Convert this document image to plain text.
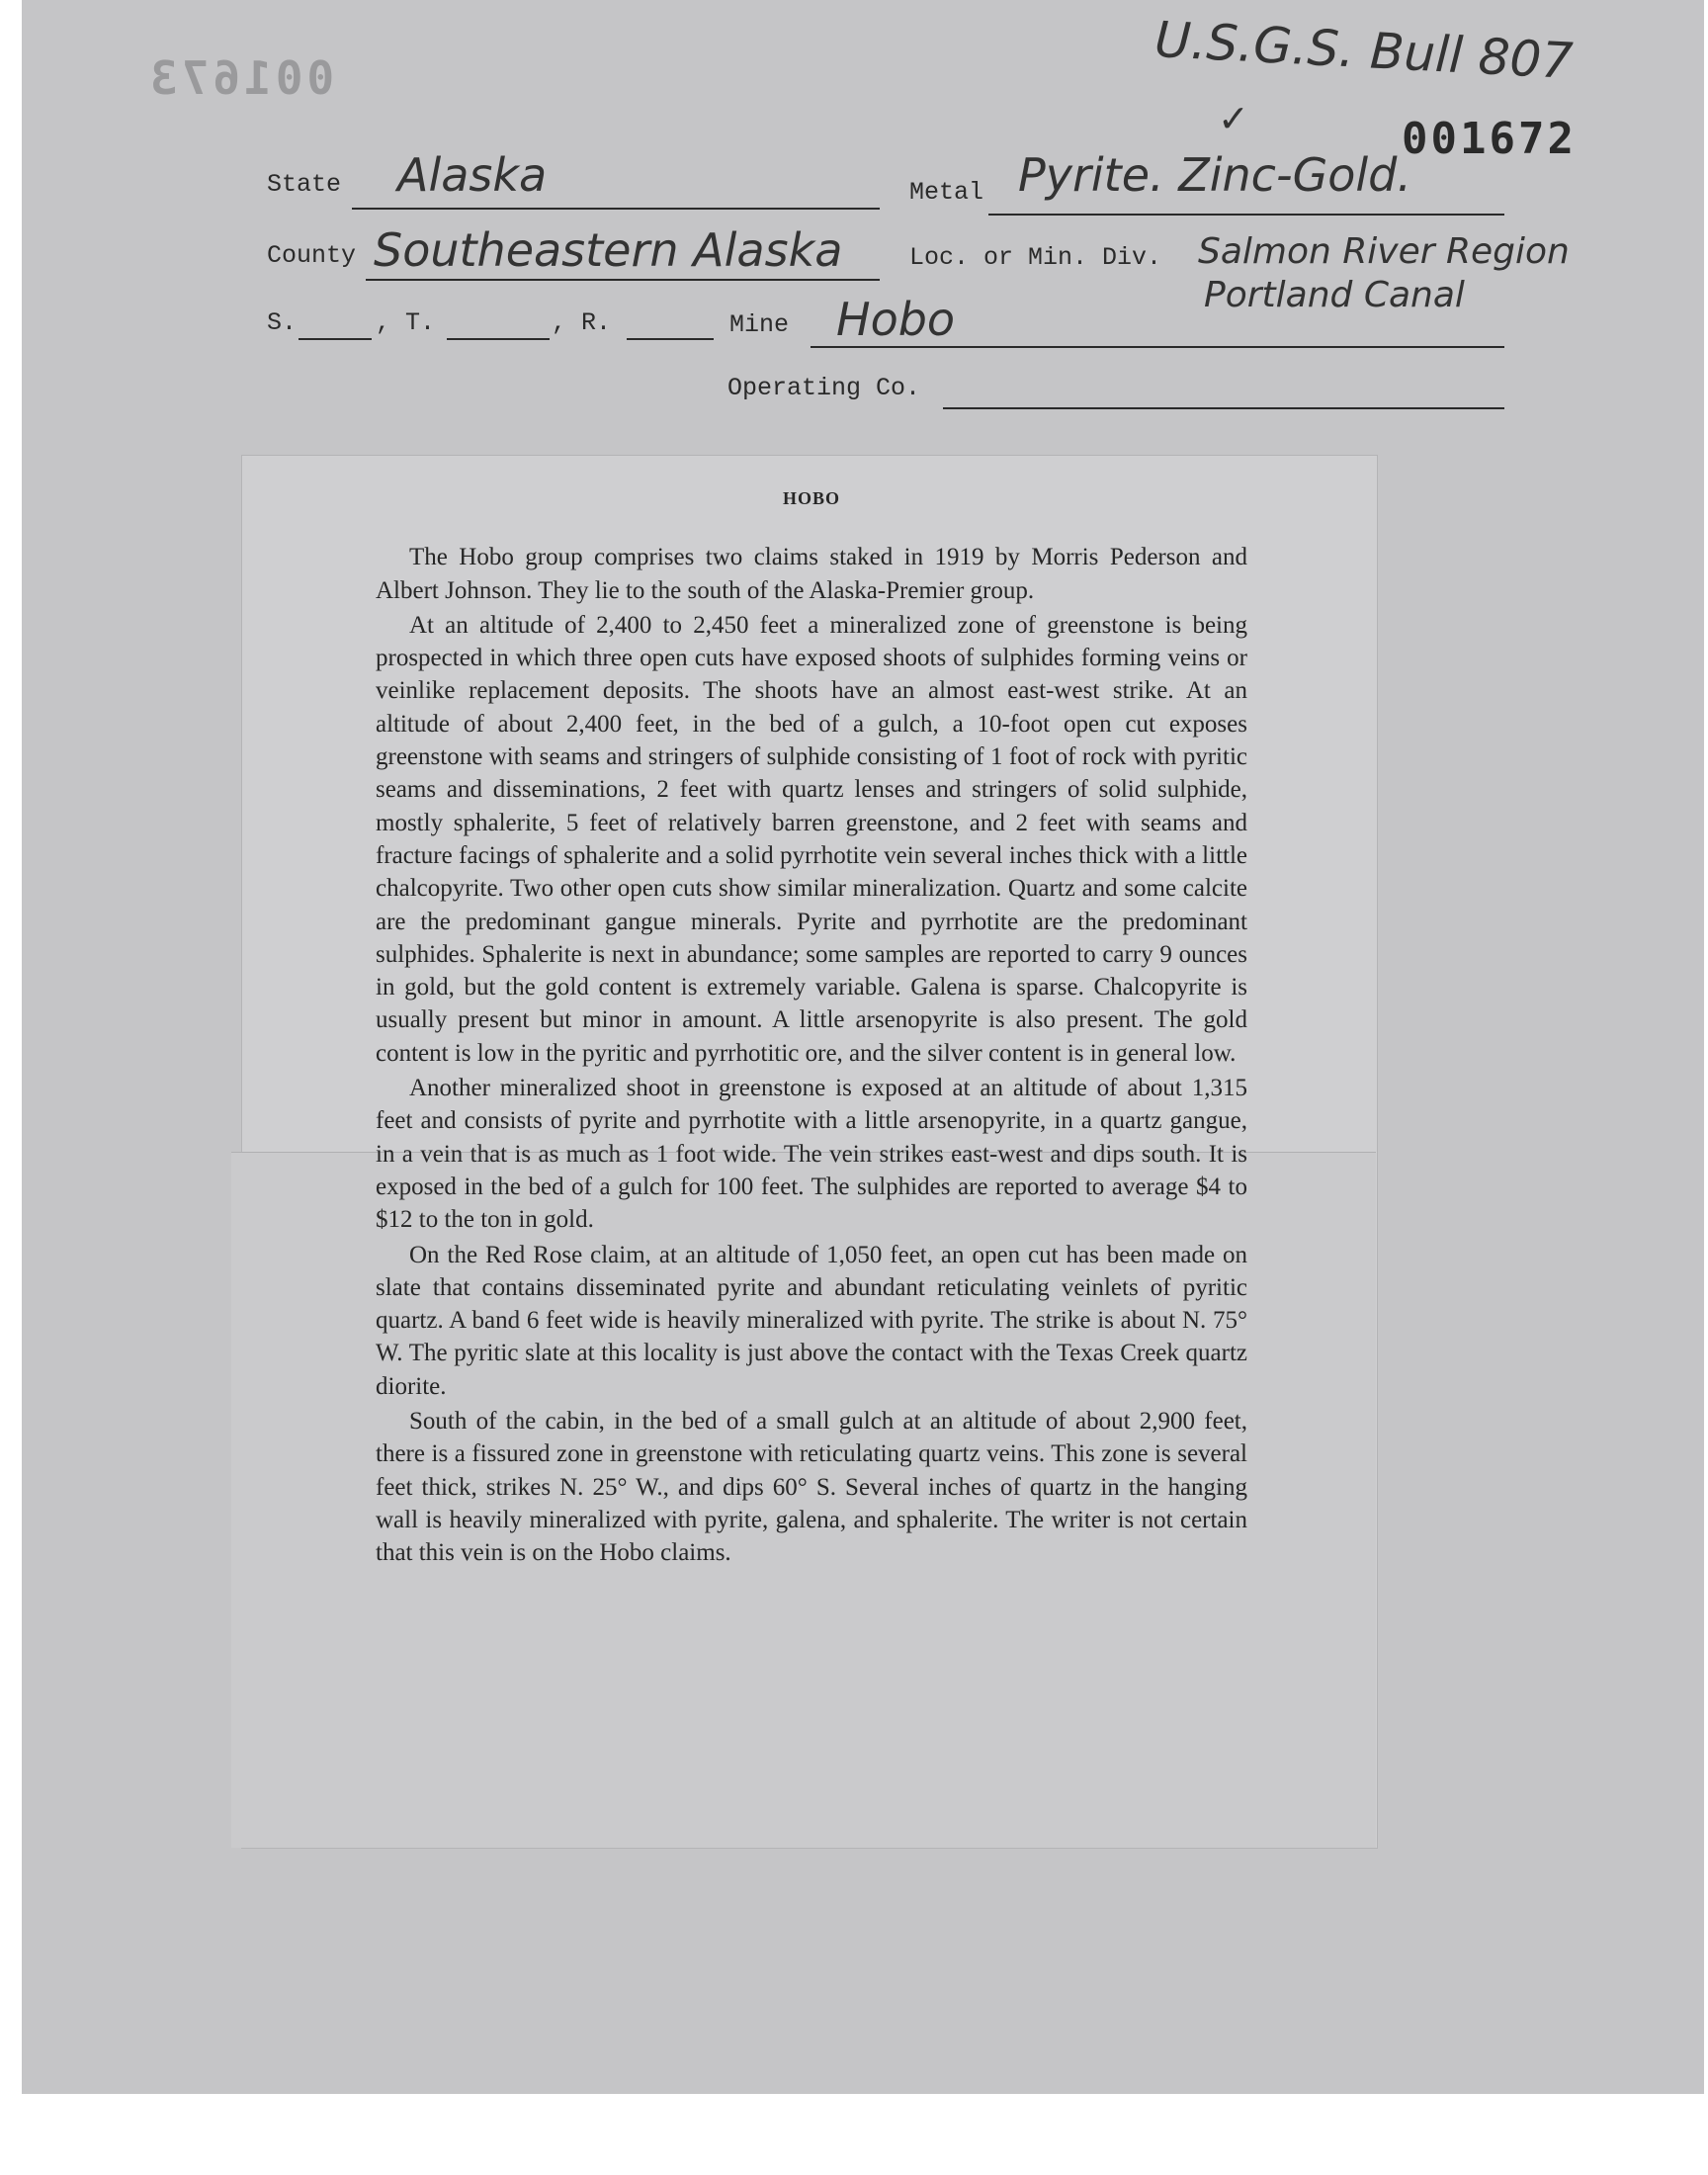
001673	U.S.G.S. Bull 807
✓	001672
State Alaska	Metal Pyrite. Zinc-Gold.
County Southeastern Alaska	Loc. or Min. Div. Salmon River Region
Portland Canal
S.	, T.	, R.	Mine Hobo
Operating Co.
HOBO

The Hobo group comprises two claims staked in 1919 by Morris Pederson and Albert Johnson. They lie to the south of the Alaska-Premier group.

At an altitude of 2,400 to 2,450 feet a mineralized zone of greenstone is being prospected in which three open cuts have exposed shoots of sulphides forming veins or veinlike replacement deposits. The shoots have an almost east-west strike. At an altitude of about 2,400 feet, in the bed of a gulch, a 10-foot open cut exposes greenstone with seams and stringers of sulphide consisting of 1 foot of rock with pyritic seams and disseminations, 2 feet with quartz lenses and stringers of solid sulphide, mostly sphalerite, 5 feet of relatively barren greenstone, and 2 feet with seams and fracture facings of sphalerite and a solid pyrrhotite vein several inches thick with a little chalcopyrite. Two other open cuts show similar mineralization. Quartz and some calcite are the predominant gangue minerals. Pyrite and pyrrhotite are the predominant sulphides. Sphalerite is next in abundance; some samples are reported to carry 9 ounces in gold, but the gold content is extremely variable. Galena is sparse. Chalcopyrite is usually present but minor in amount. A little arsenopyrite is also present. The gold content is low in the pyritic and pyrrhotitic ore, and the silver content is in general low.

Another mineralized shoot in greenstone is exposed at an altitude of about 1,315 feet and consists of pyrite and pyrrhotite with a little arsenopyrite, in a quartz gangue, in a vein that is as much as 1 foot wide. The vein strikes east-west and dips south. It is exposed in the bed of a gulch for 100 feet. The sulphides are reported to average $4 to $12 to the ton in gold.

On the Red Rose claim, at an altitude of 1,050 feet, an open cut has been made on slate that contains disseminated pyrite and abundant reticulating veinlets of pyritic quartz. A band 6 feet wide is heavily mineralized with pyrite. The strike is about N. 75° W. The pyritic slate at this locality is just above the contact with the Texas Creek quartz diorite.

South of the cabin, in the bed of a small gulch at an altitude of about 2,900 feet, there is a fissured zone in greenstone with reticulating quartz veins. This zone is several feet thick, strikes N. 25° W., and dips 60° S. Several inches of quartz in the hanging wall is heavily mineralized with pyrite, galena, and sphalerite. The writer is not certain that this vein is on the Hobo claims.
